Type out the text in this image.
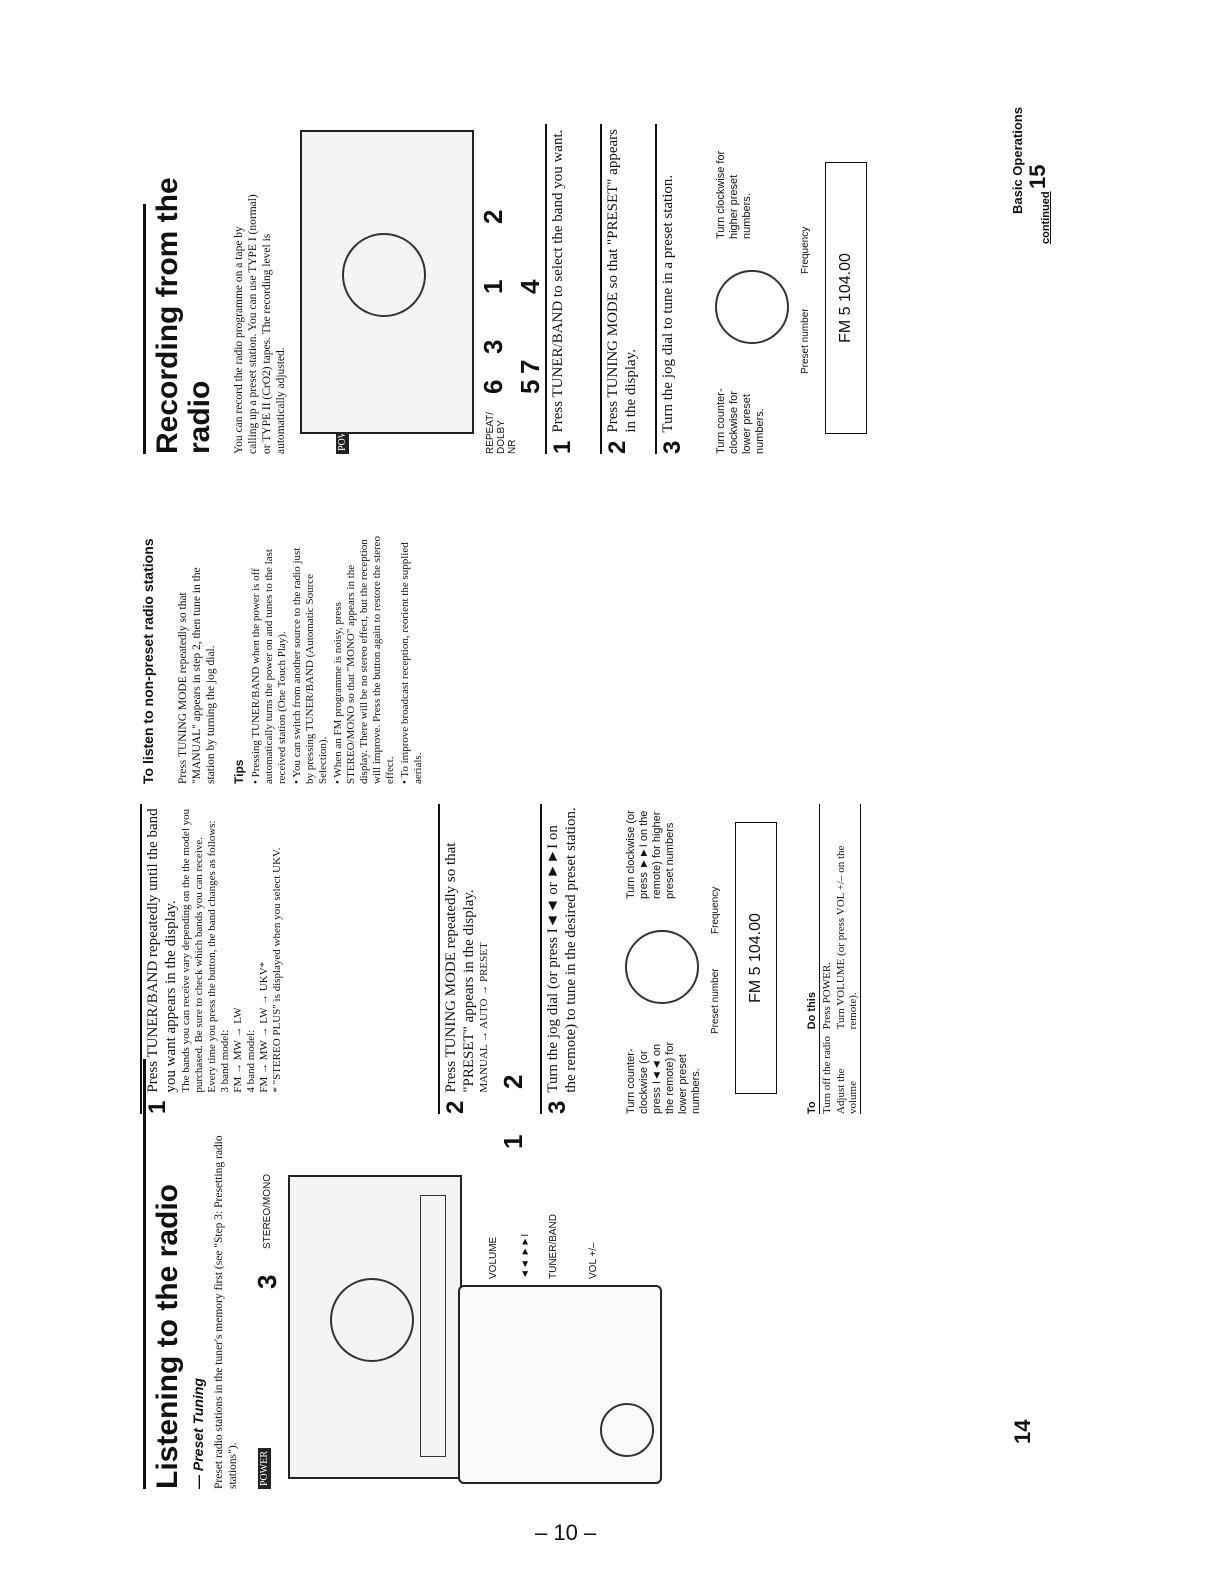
Listening to the radio — Preset Tuning Preset radio stations in the tuner's memory first (see "Step 3: Presetting radio stations"). POWER
STEREO/MONO
3
VOLUME ◄◄ ►►I TUNER/BAND	VOL +/–
1
2
1

Press TUNER/BAND repeatedly until the band you want appears in the display. The bands you can receive vary depending on the the model you purchased. Be sure to check which bands you can receive. Every time you press the button, the band changes as follows: 3 band model: FM → MW → LW 4 band model: FM → MW → LW → UKV* * "STEREO PLUS" is displayed when you select UKV.

2

Press TUNING MODE repeatedly so that "PRESET" appears in the display. MANUAL → AUTO → PRESET

3

Turn the jog dial (or press I◄◄ or ►►I on the remote) to tune in the desired preset station.	Turn counter-clockwise (or press I◄◄ on the remote) for lower preset numbers.
Turn clockwise (or press ►►I on the remote) for higher preset numbers
Preset number
Frequency
FM 5 104.00
To	Do this
Turn off the radio	Press POWER.
Adjust the volume	Turn VOLUME (or press VOL +/– on the remote).
To listen to non-preset radio stations Press TUNING MODE repeatedly so that "MANUAL" appears in step 2, then tune in the station by turning the jog dial. Tips • Pressing TUNER/BAND when the power is off automatically turns the power on and tunes to the last received station (One Touch Play). • You can switch from another source to the radio just by pressing TUNER/BAND (Automatic Source Selection). • When an FM programme is noisy, press STEREO/MONO so that "MONO" appears in the display. There will be no stereo effect, but the reception will improve. Press the button again to restore the stereo effect. • To improve broadcast reception, reorient the supplied aerials.

Recording from the radio You can record the radio programme on a tape by calling up a preset station. You can use TYPE I (normal) or TYPE II (CrO2) tapes. The recording level is automatically adjusted.	REPEAT/ DOLBY NR
6
3
1
2
5
7
4
1

Press TUNER/BAND to select the band you want.

2

Press TUNING MODE so that "PRESET" appears in the display.

3

Turn the jog dial to tune in a preset station.	Turn counter-clockwise for lower preset numbers.
Turn clockwise for higher preset numbers.
Preset number
Frequency
FM 5 104.00
Basic Operations
continued
15
14
– 10 –
